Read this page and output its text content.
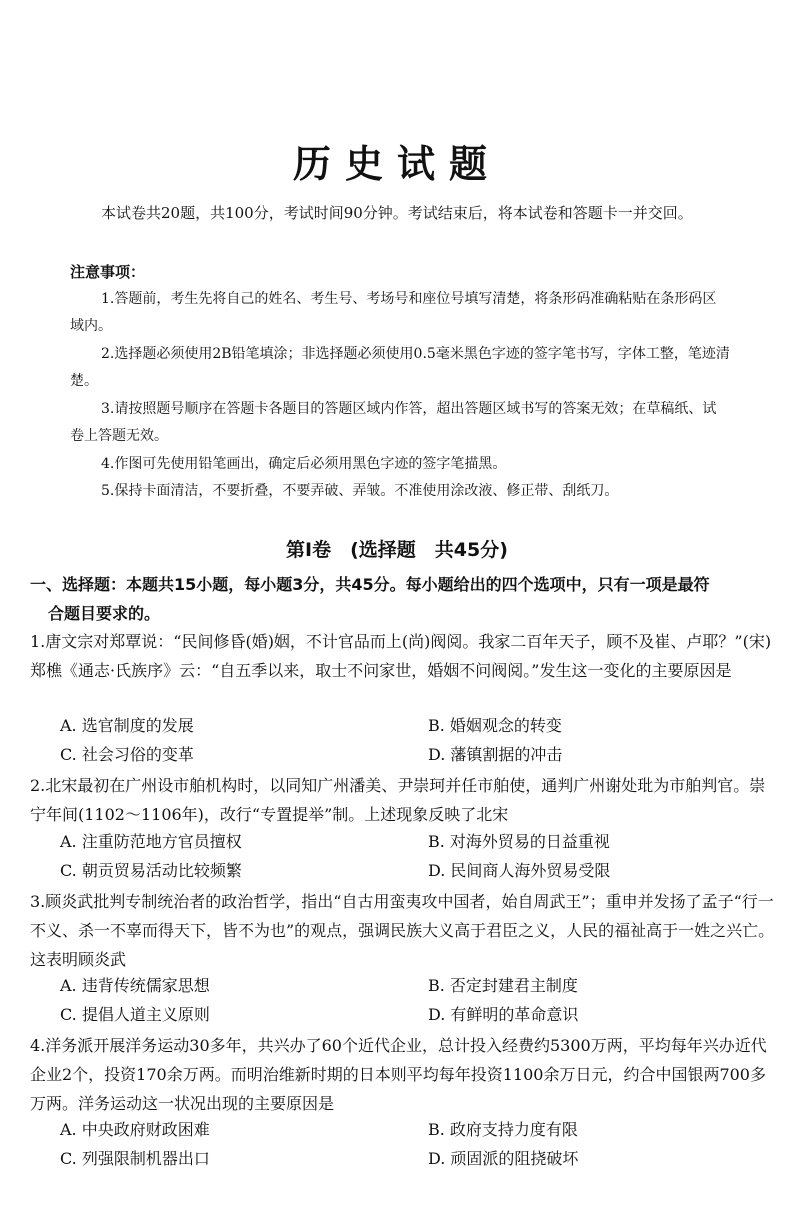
历史试题
本试卷共20题，共100分，考试时间90分钟。考试结束后，将本试卷和答题卡一并交回。
注意事项：
1.答题前，考生先将自己的姓名、考生号、考场号和座位号填写清楚，将条形码准确粘贴在条形码区域内。
2.选择题必须使用2B铅笔填涂；非选择题必须使用0.5毫米黑色字迹的签字笔书写，字体工整，笔迹清楚。
3.请按照题号顺序在答题卡各题目的答题区域内作答，超出答题区域书写的答案无效；在草稿纸、试卷上答题无效。
4.作图可先使用铅笔画出，确定后必须用黑色字迹的签字笔描黑。
5.保持卡面清洁，不要折叠，不要弄破、弄皱。不准使用涂改液、修正带、刮纸刀。
第Ⅰ卷　(选择题　共45分)
一、选择题：本题共15小题，每小题3分，共45分。每小题给出的四个选项中，只有一项是最符
合题目要求的。
1.唐文宗对郑覃说：“民间修昏(婚)姻，不计官品而上(尚)阀阅。我家二百年天子，顾不及崔、卢耶？”(宋)郑樵《通志·氏族序》云：“自五季以来，取士不问家世，婚姻不问阀阅。”发生这一变化的主要原因是
A. 选官制度的发展	B. 婚姻观念的转变
C. 社会习俗的变革	D. 藩镇割据的冲击
2.北宋最初在广州设市舶机构时，以同知广州潘美、尹崇珂并任市舶使，通判广州谢处玭为市舶判官。崇宁年间(1102～1106年)，改行“专置提举”制。上述现象反映了北宋
A. 注重防范地方官员擅权	B. 对海外贸易的日益重视
C. 朝贡贸易活动比较频繁	D. 民间商人海外贸易受限
3.顾炎武批判专制统治者的政治哲学，指出“自古用蛮夷攻中国者，始自周武王”；重申并发扬了孟子“行一不义、杀一不辜而得天下，皆不为也”的观点，强调民族大义高于君臣之义，人民的福祉高于一姓之兴亡。这表明顾炎武
A. 违背传统儒家思想	B. 否定封建君主制度
C. 提倡人道主义原则	D. 有鲜明的革命意识
4.洋务派开展洋务运动30多年，共兴办了60个近代企业，总计投入经费约5300万两，平均每年兴办近代企业2个，投资170余万两。而明治维新时期的日本则平均每年投资1100余万日元，约合中国银两700多万两。洋务运动这一状况出现的主要原因是
A. 中央政府财政困难	B. 政府支持力度有限
C. 列强限制机器出口	D. 顽固派的阻挠破坏
